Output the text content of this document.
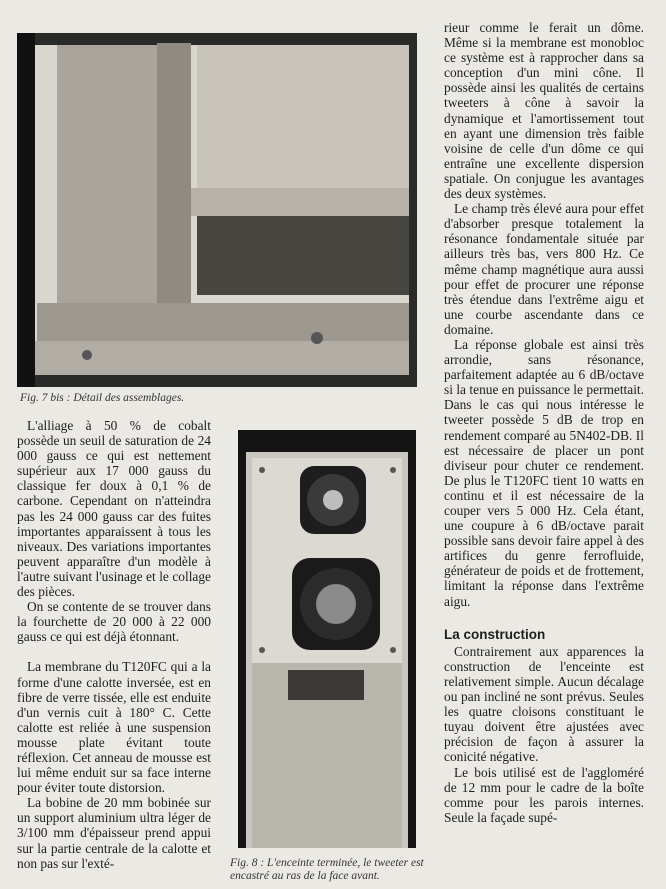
Fig. 7 bis : Détail des assemblages.

L'alliage à 50 % de cobalt possède un seuil de saturation de 24 000 gauss ce qui est nettement supérieur aux 17 000 gauss du classique fer doux à 0,1 % de carbone. Cependant on n'atteindra pas les 24 000 gauss car des fuites importantes apparaissent à tous les niveaux. Des variations importantes peuvent apparaître d'un modèle à l'autre suivant l'usinage et le collage des pièces.

On se contente de se trouver dans la fourchette de 20 000 à 22 000 gauss ce qui est déjà étonnant.

La membrane du T120FC qui a la forme d'une calotte inversée, est en fibre de verre tissée, elle est enduite d'un vernis cuit à 180° C. Cette calotte est reliée à une suspension mousse plate évitant toute réflexion. Cet anneau de mousse est lui même enduit sur sa face interne pour éviter toute distorsion.

La bobine de 20 mm bobinée sur un support aluminium ultra léger de 3/100 mm d'épaisseur prend appui sur la partie centrale de la calotte et non pas sur l'exté-	Fig. 8 : L'enceinte terminée, le tweeter est encastré au ras de la face avant.

rieur comme le ferait un dôme. Même si la membrane est monobloc ce système est à rapprocher dans sa conception d'un mini cône. Il possède ainsi les qualités de certains tweeters à cône à savoir la dynamique et l'amortissement tout en ayant une dimension très faible voisine de celle d'un dôme ce qui entraîne une excellente dispersion spatiale. On conjugue les avantages des deux systèmes.

Le champ très élevé aura pour effet d'absorber presque totalement la résonance fondamentale située par ailleurs très bas, vers 800 Hz. Ce même champ magnétique aura aussi pour effet de procurer une réponse très étendue dans l'extrême aigu et une courbe ascendante dans ce domaine.

La réponse globale est ainsi très arrondie, sans résonance, parfaitement adaptée au 6 dB/octave si la tenue en puissance le permettait. Dans le cas qui nous intéresse le tweeter possède 5 dB de trop en rendement comparé au 5N402-DB. Il est nécessaire de placer un pont diviseur pour chuter ce rendement. De plus le T120FC tient 10 watts en continu et il est nécessaire de la couper vers 5 000 Hz. Cela étant, une coupure à 6 dB/octave parait possible sans devoir faire appel à des artifices du genre ferrofluide, générateur de poids et de frottement, limitant la réponse dans l'extrême aigu.

La construction

Contrairement aux apparences la construction de l'enceinte est relativement simple. Aucun décalage ou pan incliné ne sont prévus. Seules les quatre cloisons constituant le tuyau doivent être ajustées avec précision de façon à assurer la conicité négative.

Le bois utilisé est de l'aggloméré de 12 mm pour le cadre de la boîte comme pour les parois internes. Seule la façade supé-
